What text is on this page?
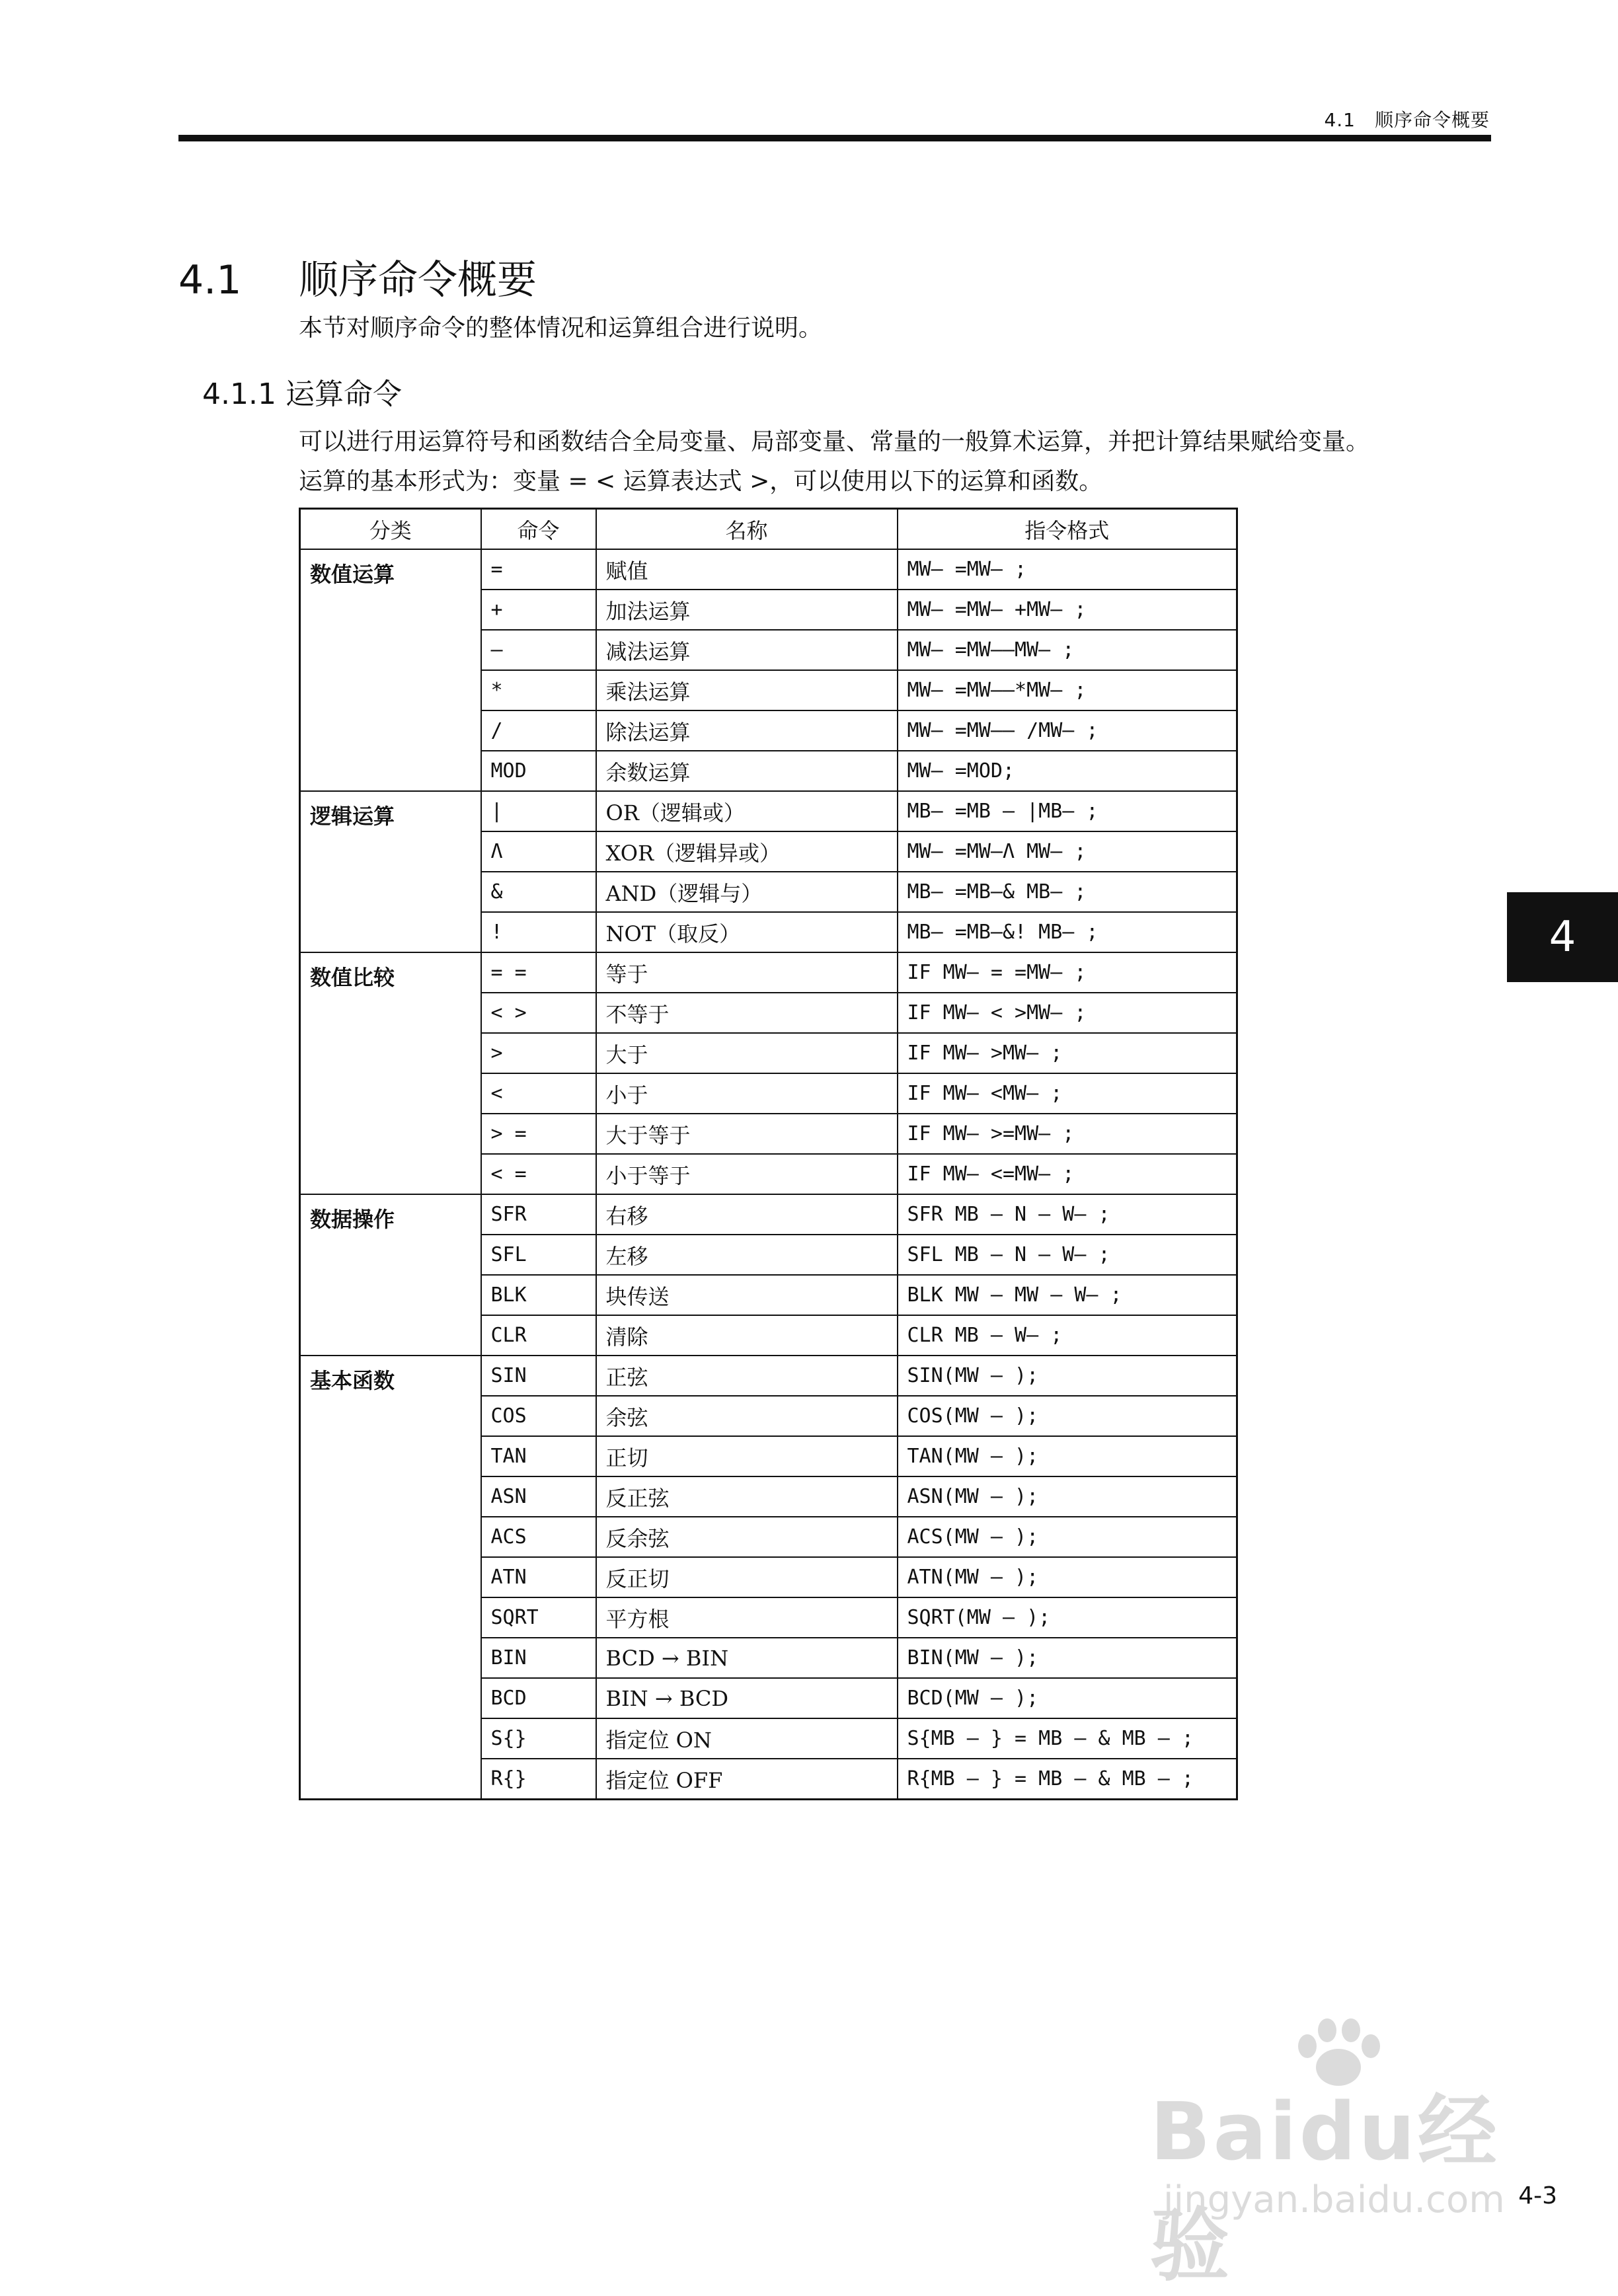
4.1　顺序命令概要
4.1 顺序命令概要
本节对顺序命令的整体情况和运算组合进行说明。
4.1.1 运算命令
可以进行用运算符号和函数结合全局变量、局部变量、常量的一般算术运算，并把计算结果赋给变量。
运算的基本形式为：变量 = < 运算表达式 >，可以使用以下的运算和函数。
分类	命令	名称	指令格式
数值运算	=	赋值	MW– =MW– ;
	+	加法运算	MW– =MW– +MW– ;
	–	减法运算	MW– =MW––MW– ;
	*	乘法运算	MW– =MW––*MW– ;
	/	除法运算	MW– =MW–– /MW– ;
	MOD	余数运算	MW– =MOD;
逻辑运算	|	OR（逻辑或）	MB– =MB – |MB– ;
	Λ	XOR（逻辑异或）	MW– =MW–Λ MW– ;
	&	AND（逻辑与）	MB– =MB–& MB– ;
	!	NOT（取反）	MB– =MB–&! MB– ;
数值比较	= =	等于	IF MW– = =MW– ;
	< >	不等于	IF MW– < >MW– ;
	>	大于	IF MW– >MW– ;
	<	小于	IF MW– <MW– ;
	> =	大于等于	IF MW– >=MW– ;
	< =	小于等于	IF MW– <=MW– ;
数据操作	SFR	右移	SFR MB – N – W– ;
	SFL	左移	SFL MB – N – W– ;
	BLK	块传送	BLK MW – MW – W– ;
	CLR	清除	CLR MB – W– ;
基本函数	SIN	正弦	SIN(MW – );
	COS	余弦	COS(MW – );
	TAN	正切	TAN(MW – );
	ASN	反正弦	ASN(MW – );
	ACS	反余弦	ACS(MW – );
	ATN	反正切	ATN(MW – );
	SQRT	平方根	SQRT(MW – );
	BIN	BCD → BIN	BIN(MW – );
	BCD	BIN → BCD	BCD(MW – );
	S{}	指定位 ON	S{MB – } = MB – & MB – ;
	R{}	指定位 OFF	R{MB – } = MB – & MB – ;
4
Baidu经验
jingyan.baidu.com 4-3
